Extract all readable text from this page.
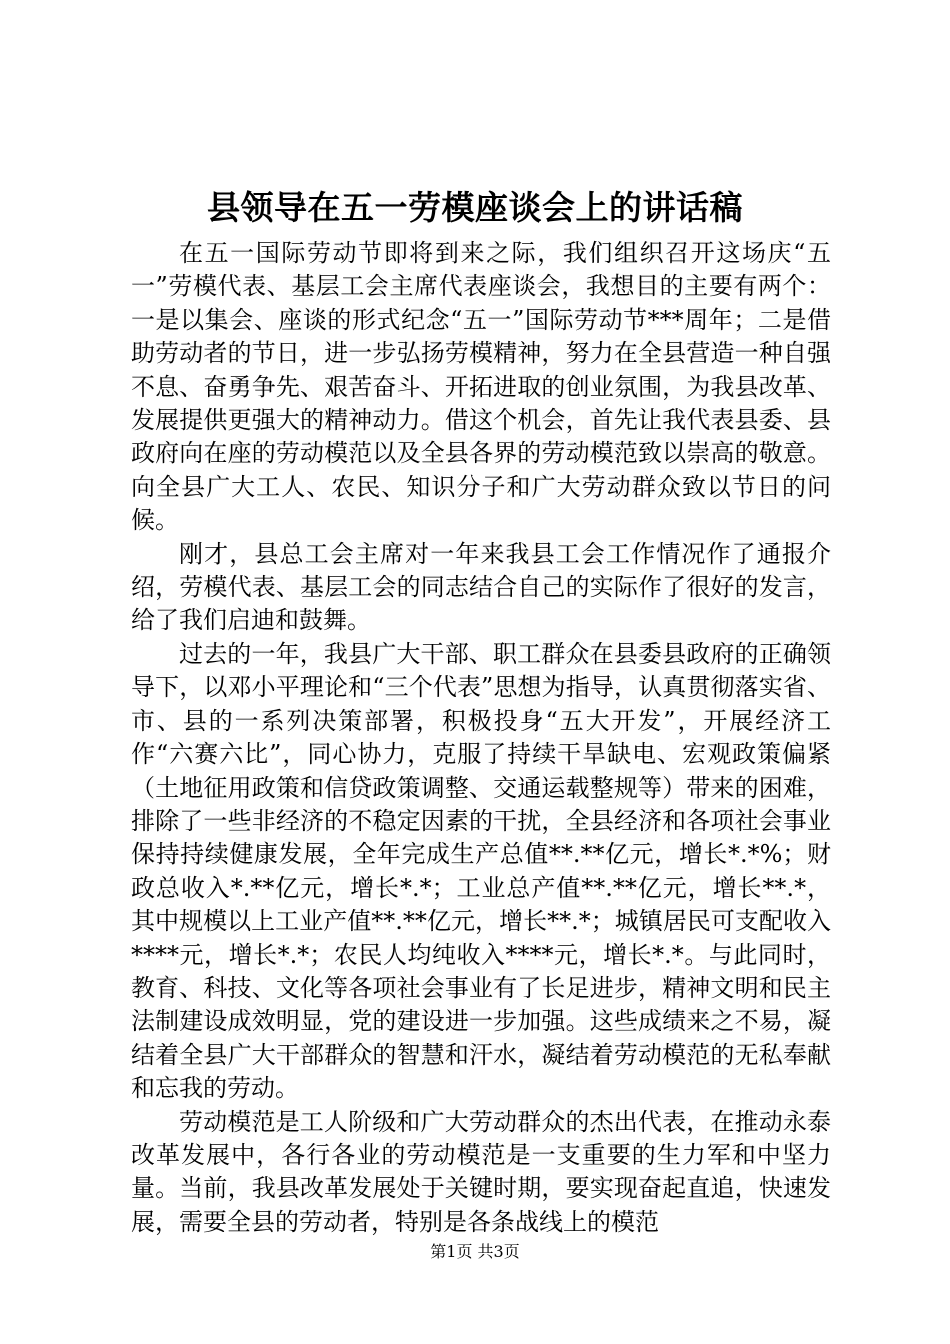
县领导在五一劳模座谈会上的讲话稿

在五一国际劳动节即将到来之际，我们组织召开这场庆“五一”劳模代表、基层工会主席代表座谈会，我想目的主要有两个：一是以集会、座谈的形式纪念“五一”国际劳动节***周年；二是借助劳动者的节日，进一步弘扬劳模精神，努力在全县营造一种自强不息、奋勇争先、艰苦奋斗、开拓进取的创业氛围，为我县改革、发展提供更强大的精神动力。借这个机会，首先让我代表县委、县政府向在座的劳动模范以及全县各界的劳动模范致以崇高的敬意。向全县广大工人、农民、知识分子和广大劳动群众致以节日的问候。

刚才，县总工会主席对一年来我县工会工作情况作了通报介绍，劳模代表、基层工会的同志结合自己的实际作了很好的发言，给了我们启迪和鼓舞。

过去的一年，我县广大干部、职工群众在县委县政府的正确领导下，以邓小平理论和“三个代表”思想为指导，认真贯彻落实省、市、县的一系列决策部署，积极投身“五大开发”，开展经济工作“六赛六比”，同心协力，克服了持续干旱缺电、宏观政策偏紧（土地征用政策和信贷政策调整、交通运载整规等）带来的困难，排除了一些非经济的不稳定因素的干扰，全县经济和各项社会事业保持持续健康发展，全年完成生产总值**.**亿元，增长*.*%；财政总收入*.**亿元，增长*.*；工业总产值**.**亿元，增长**.*，其中规模以上工业产值**.**亿元，增长**.*；城镇居民可支配收入****元，增长*.*；农民人均纯收入****元，增长*.*。与此同时，教育、科技、文化等各项社会事业有了长足进步，精神文明和民主法制建设成效明显，党的建设进一步加强。这些成绩来之不易，凝结着全县广大干部群众的智慧和汗水，凝结着劳动模范的无私奉献和忘我的劳动。

劳动模范是工人阶级和广大劳动群众的杰出代表，在推动永泰改革发展中，各行各业的劳动模范是一支重要的生力军和中坚力量。当前，我县改革发展处于关键时期，要实现奋起直追，快速发展，需要全县的劳动者，特别是各条战线上的模范

第1页 共3页
